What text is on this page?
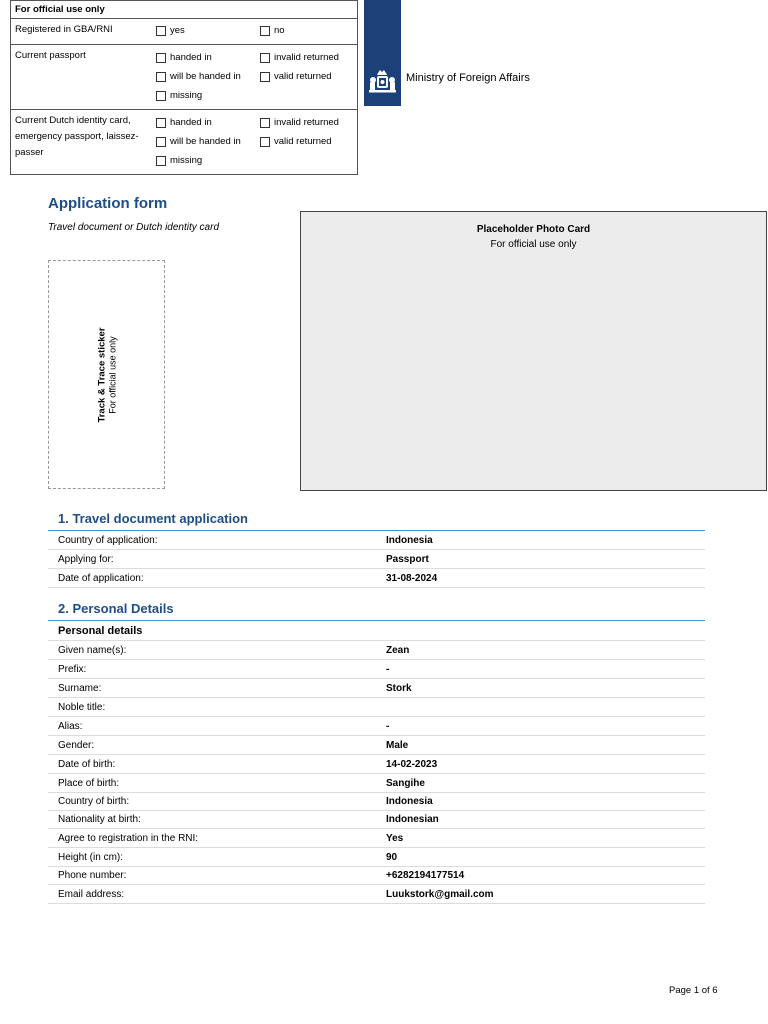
For official use only
Registered in GBA/RNI	yes	no
Current passport	handed in	invalid returned
will be handed in	valid returned
missing
Current Dutch identity card, emergency passport, laissez-passer
handed in	invalid returned
will be handed in	valid returned
missing
Ministry of Foreign Affairs
Application form
Travel document or Dutch identity card
Track & Trace sticker For official use only
Placeholder Photo Card
For official use only
1. Travel document application
Country of application:	Indonesia
Applying for:	Passport
Date of application:	31-08-2024
2. Personal Details
Personal details
Given name(s):	Zean
Prefix:	-
Surname:	Stork
Noble title:
Alias:	-
Gender:	Male
Date of birth:	14-02-2023
Place of birth:	Sangihe
Country of birth:	Indonesia
Nationality at birth:	Indonesian
Agree to registration in the RNI:	Yes
Height (in cm):	90
Phone number:	+6282194177514
Email address:	Luukstork@gmail.com
Page 1 of 6
